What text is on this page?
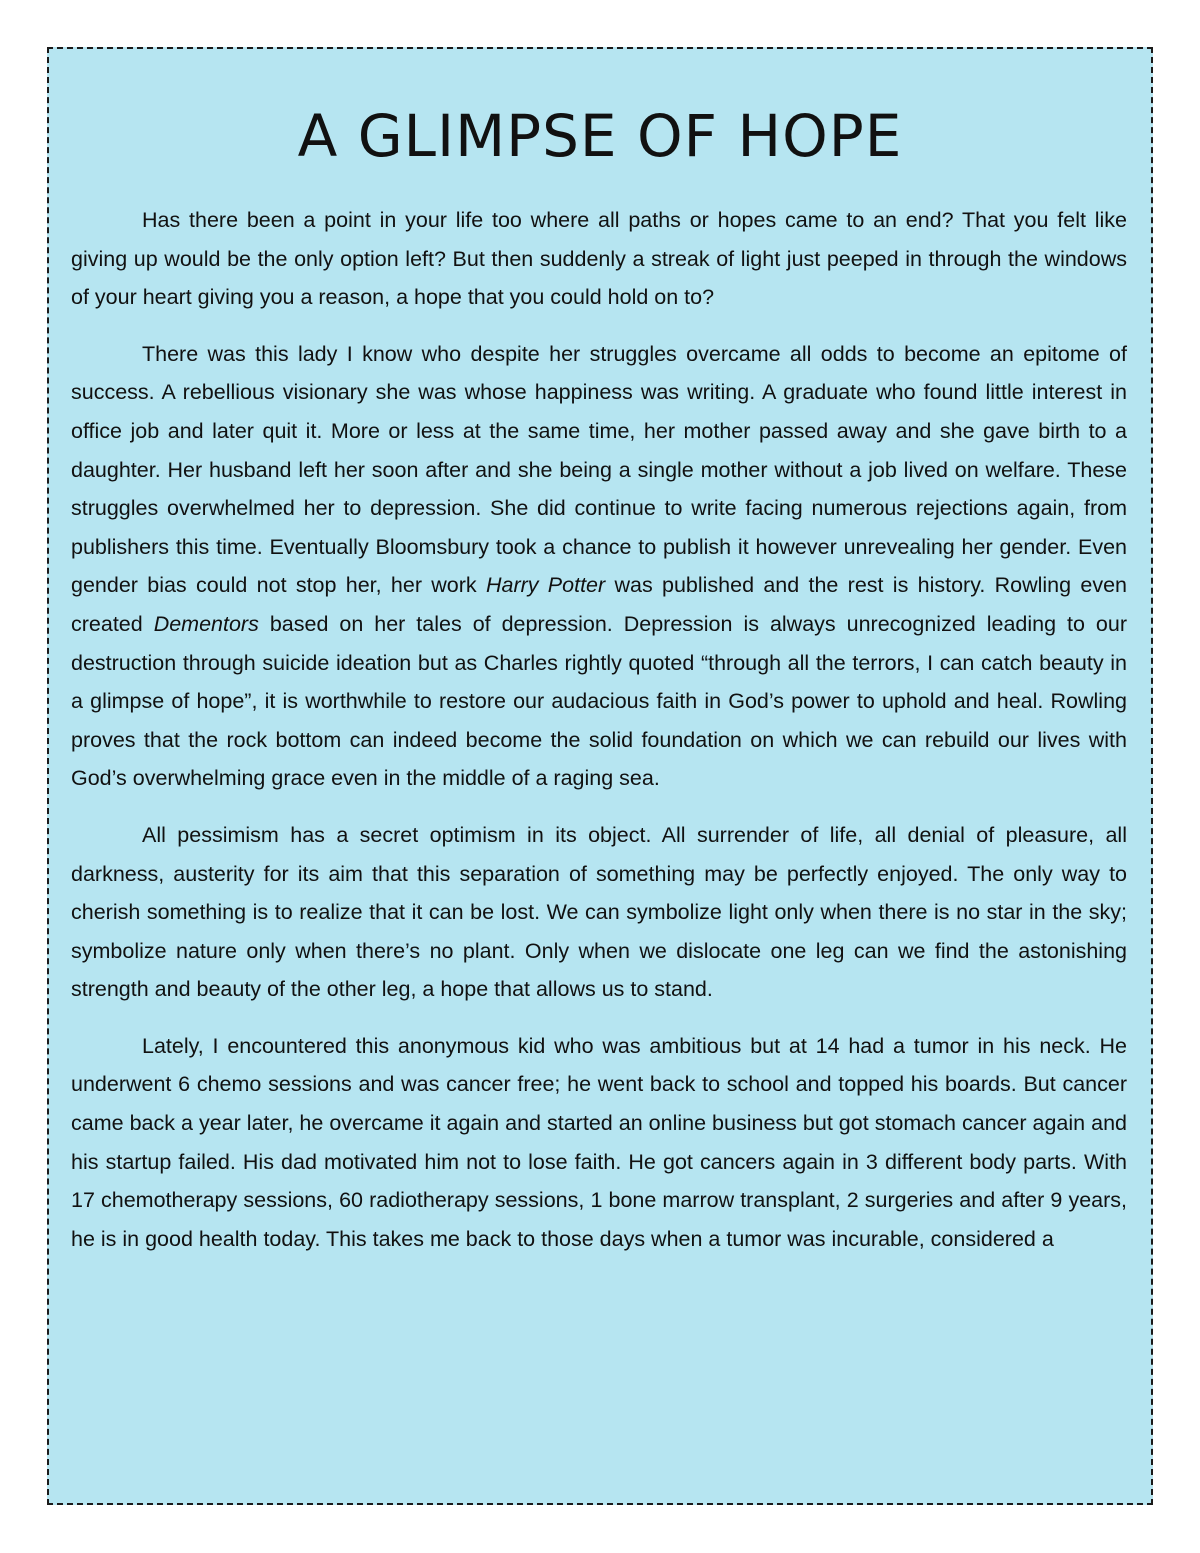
A GLIMPSE OF HOPE

Has there been a point in your life too where all paths or hopes came to an end? That you felt like giving up would be the only option left? But then suddenly a streak of light just peeped in through the windows of your heart giving you a reason, a hope that you could hold on to?

There was this lady I know who despite her struggles overcame all odds to become an epitome of success. A rebellious visionary she was whose happiness was writing. A graduate who found little interest in office job and later quit it. More or less at the same time, her mother passed away and she gave birth to a daughter. Her husband left her soon after and she being a single mother without a job lived on welfare. These struggles overwhelmed her to depression. She did continue to write facing numerous rejections again, from publishers this time. Eventually Bloomsbury took a chance to publish it however unrevealing her gender. Even gender bias could not stop her, her work Harry Potter was published and the rest is history. Rowling even created Dementors based on her tales of depression. Depression is always unrecognized leading to our destruction through suicide ideation but as Charles rightly quoted “through all the terrors, I can catch beauty in a glimpse of hope”, it is worthwhile to restore our audacious faith in God’s power to uphold and heal. Rowling proves that the rock bottom can indeed become the solid foundation on which we can rebuild our lives with God’s overwhelming grace even in the middle of a raging sea.

All pessimism has a secret optimism in its object. All surrender of life, all denial of pleasure, all darkness, austerity for its aim that this separation of something may be perfectly enjoyed. The only way to cherish something is to realize that it can be lost. We can symbolize light only when there is no star in the sky; symbolize nature only when there’s no plant. Only when we dislocate one leg can we find the astonishing strength and beauty of the other leg, a hope that allows us to stand.

Lately, I encountered this anonymous kid who was ambitious but at 14 had a tumor in his neck. He underwent 6 chemo sessions and was cancer free; he went back to school and topped his boards. But cancer came back a year later, he overcame it again and started an online business but got stomach cancer again and his startup failed. His dad motivated him not to lose faith. He got cancers again in 3 different body parts. With 17 chemotherapy sessions, 60 radiotherapy sessions, 1 bone marrow transplant, 2 surgeries and after 9 years, he is in good health today. This takes me back to those days when a tumor was incurable, considered a
